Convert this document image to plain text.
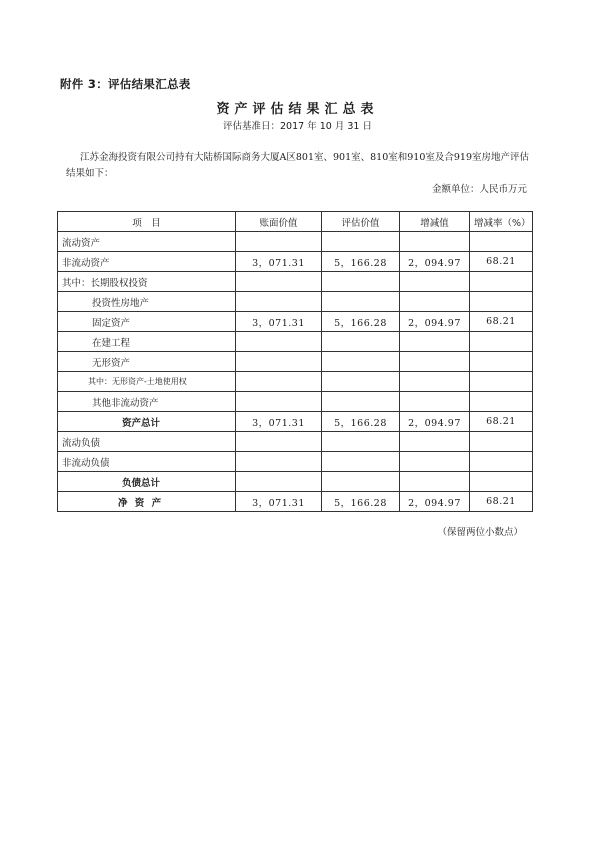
附件 3：评估结果汇总表
资产评估结果汇总表
评估基准日：2017 年 10 月 31 日
江苏金海投资有限公司持有大陆桥国际商务大厦A区801室、901室、810室和910室及合919室房地产评估结果如下：
金额单位：人民币万元
项　目	账面价值	评估价值	增减值	增减率（%）
流动资产				
非流动资产	3，071.31	5，166.28	2，094.97	68.21
其中：长期股权投资				
投资性房地产				
固定资产	3，071.31	5，166.28	2，094.97	68.21
在建工程				
无形资产				
其中：无形资产-土地使用权				
其他非流动资产				
资产总计	3，071.31	5，166.28	2，094.97	68.21
流动负债				
非流动负债				
负债总计				
净 资 产	3，071.31	5，166.28	2，094.97	68.21
（保留两位小数点）
